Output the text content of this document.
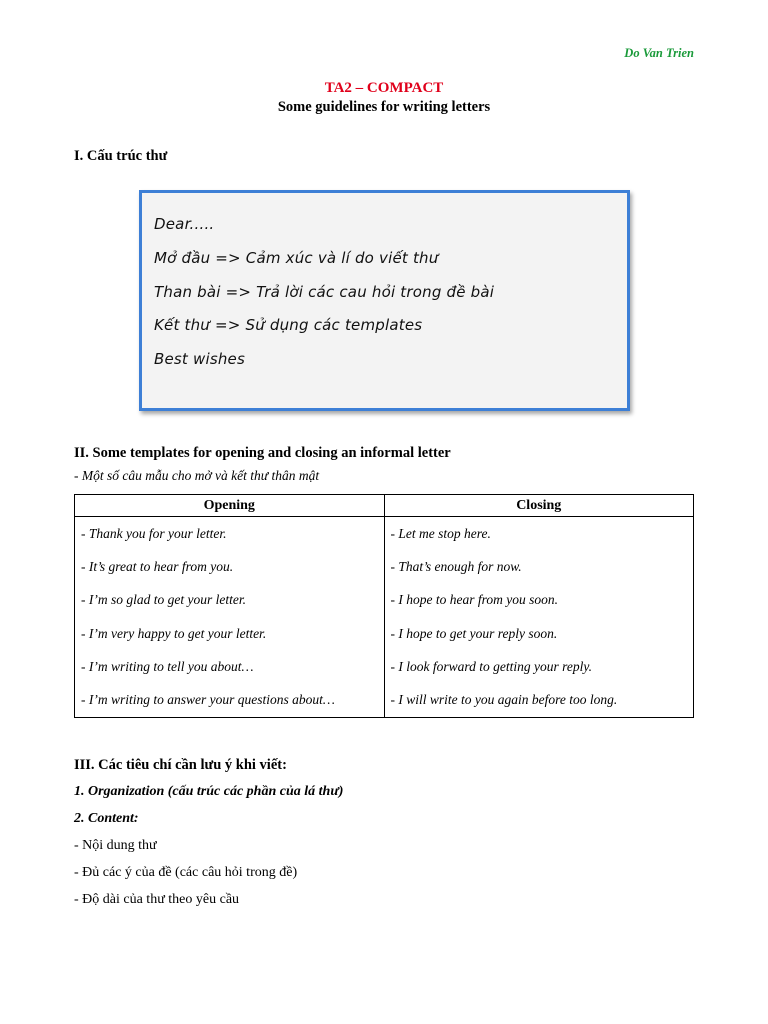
Do Van Trien
TA2 – COMPACT
Some guidelines for writing letters
I. Cấu trúc thư
Dear.....
Mở đầu => Cảm xúc và lí do viết thư
Than bài => Trả lời các cau hỏi trong đề bài
Kết thư => Sử dụng các templates
Best wishes
II. Some templates for opening and closing an informal letter
- Một số câu mẫu cho mở và kết thư thân mật
Opening	Closing
- Thank you for your letter.	- Let me stop here.
- It’s great to hear from you.	- That’s enough for now.
- I’m so glad to get your letter.	- I hope to hear from you soon.
- I’m very happy to get your letter.	- I hope to get your reply soon.
- I’m writing to tell you about…	- I look forward to getting your reply.
- I’m writing to answer your questions about…	- I will write to you again before too long.
III. Các tiêu chí cần lưu ý khi viết:
1. Organization (cấu trúc các phần của lá thư)
2. Content:
- Nội dung thư
- Đủ các ý của đề (các câu hỏi trong đề)
- Độ dài của thư theo yêu cầu
